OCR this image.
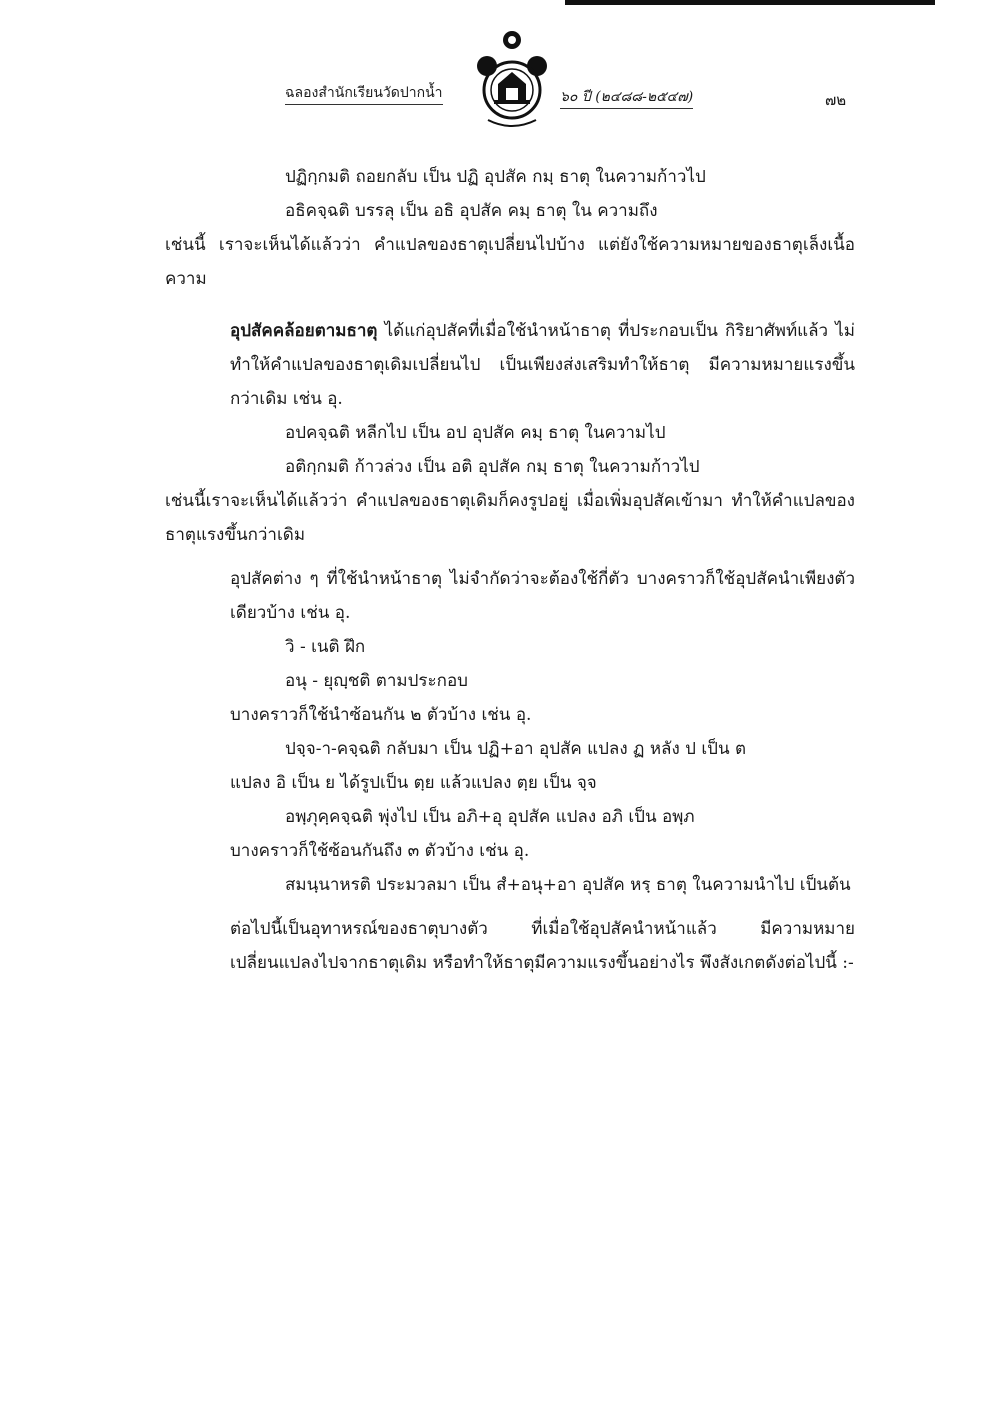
ฉลองสำนักเรียนวัดปากน้ำ	๖๐ ปี (๒๔๘๘-๒๕๔๗)	๗๒

ปฏิกฺกมติ ถอยกลับ เป็น ปฏิ อุปสัค กมฺ ธาตุ ในความก้าวไป

อธิคจฺฉติ บรรลุ เป็น อธิ อุปสัค คมฺ ธาตุ ใน ความถึง

เช่นนี้ เราจะเห็นได้แล้วว่า คำแปลของธาตุเปลี่ยนไปบ้าง แต่ยังใช้ความหมายของธาตุเล็งเนื้อความ

อุปสัคคล้อยตามธาตุ ได้แก่อุปสัคที่เมื่อใช้นำหน้าธาตุ ที่ประกอบเป็น กิริยาศัพท์แล้ว ไม่ทำให้คำแปลของธาตุเดิมเปลี่ยนไป เป็นเพียงส่งเสริมทำให้ธาตุ มีความหมายแรงขึ้นกว่าเดิม เช่น อุ.

อปคจฺฉติ หลีกไป เป็น อป อุปสัค คมฺ ธาตุ ในความไป

อติกฺกมติ ก้าวล่วง เป็น อติ อุปสัค กมฺ ธาตุ ในความก้าวไป

เช่นนี้เราจะเห็นได้แล้วว่า คำแปลของธาตุเดิมก็คงรูปอยู่ เมื่อเพิ่มอุปสัคเข้ามา ทำให้คำแปลของธาตุแรงขึ้นกว่าเดิม

อุปสัคต่าง ๆ ที่ใช้นำหน้าธาตุ ไม่จำกัดว่าจะต้องใช้กี่ตัว บางคราวก็ใช้อุปสัคนำเพียงตัวเดียวบ้าง เช่น อุ.

วิ - เนติ ฝึก

อนุ - ยุญฺชติ ตามประกอบ

บางคราวก็ใช้นำซ้อนกัน ๒ ตัวบ้าง เช่น อุ.

ปจฺจ-า-คจฺฉติ กลับมา เป็น ปฏิ+อา อุปสัค แปลง ฏ หลัง ป เป็น ต

แปลง อิ เป็น ย ได้รูปเป็น ตฺย แล้วแปลง ตฺย เป็น จฺจ

อพฺภุคฺคจฺฉติ พุ่งไป เป็น อภิ+อุ อุปสัค แปลง อภิ เป็น อพฺภ

บางคราวก็ใช้ซ้อนกันถึง ๓ ตัวบ้าง เช่น อุ.

สมนฺนาหรติ ประมวลมา เป็น สํ+อนุ+อา อุปสัค หรฺ ธาตุ ในความนำไป เป็นต้น

ต่อไปนี้เป็นอุทาหรณ์ของธาตุบางตัว ที่เมื่อใช้อุปสัคนำหน้าแล้ว มีความหมายเปลี่ยนแปลงไปจากธาตุเดิม หรือทำให้ธาตุมีความแรงขึ้นอย่างไร พึงสังเกตดังต่อไปนี้ :-
